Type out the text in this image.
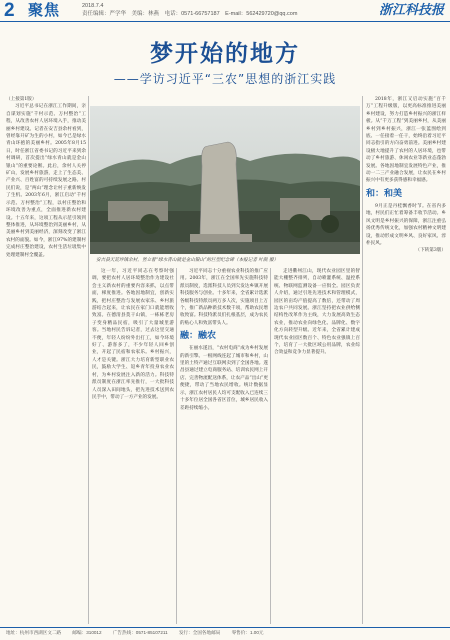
2 聚焦	2018.7.4
责任编辑：严学华 美编：林燕 电话：0571-66757187 E-mail：562429720@qq.com	浙江科技报
梦开始的地方
——学访习近平“三农”思想的浙江实践

（上接第1版）

习近平总书记在浙江工作期间，亲自谋划实施“千村示范、万村整治”工程，从改善农村人居环境入手，推动美丽乡村建设。记者在安吉县余村看到，曾经靠开矿为生的小村，如今已是绿水青山环抱的美丽乡村。2005年8月15日，时任浙江省委书记的习近平来到余村调研，首次提出“绿水青山就是金山银山”的重要论断。此后，余村人关停矿山，发展乡村旅游，走上了生态美、产业兴、百姓富的可持续发展之路。村民们说，是“两山”理念让村子重新焕发了生机。2003年6月，浙江启动“千村示范、万村整治”工程，以村庄整治和环境改善为重点，全面推进新农村建设。十五年来，这项工程从示范引领到整体推进，从环境整治到美丽乡村，从美丽乡村到美丽经济，深刻改变了浙江农村的面貌。如今，浙江97%的建制村完成村庄整治建设，农村生活垃圾集中处理建制村全覆盖。

安吉县天荒坪镇余村，竖立着“绿水青山就是金山银山”的巨型纪念碑（本报记者 叶凯 摄）

这一年，习近平同志在考察时强调，要把农村人居环境整治作为建设社会主义新农村的重要内容来抓，以点带面，梯度推进。各地因地制宜，创新实践，把村庄整治与发展农家乐、乡村旅游结合起来，让农民在家门口就能增收致富。在德清县莫干山镇，一栋栋老房子变身精品民宿，吸引了大量城里游客。当地村民告诉记者，过去这里交通不便，年轻人纷纷外出打工，如今环境好了、游客多了，不少年轻人回乡创业，开起了民宿和农家乐。乡村振兴，人才是关键。浙江大力培育新型职业农民，鼓励大学生、返乡青年投身农业农村，为乡村发展注入新的活力。科技特派员制度在浙江率先推行，一大批科技人员深入田间地头，把先进技术送到农民手中，带动了一方产业的发展。

习近平同志十分重视农业科技的推广应用。2003年，浙江在全国率先实施科技特派员制度，选派科技人员到欠发达乡镇开展科技服务与创业。十多年来，全省累计选派各级科技特派员两万多人次，实施项目上万个，推广新品种新技术数千项，帮助农民增收致富。科技特派员们扎根基层，成为农民的贴心人和致富带头人。

融：融农

在丽水遂昌，“农村电商”成为乡村发展的新引擎。一根网线连起了城市和乡村，山里的土特产通过互联网卖到了全国各地。遂昌县通过建立电商服务站、培训农民网上开店、完善物流配送体系，让农产品“出山”更便捷，带动了当地农民增收。统计数据显示，浙江农村居民人均可支配收入已连续三十多年位居全国各省区首位，城乡居民收入差距持续缩小。

走进衢州江山，现代农业园区里的智能大棚整齐排列，自动喷灌系统、温控系统、物联网监测设备一应俱全。园区负责人介绍，通过引进先进技术和管理模式，园区的亩均产值提高了数倍，还带动了周边农户共同发展。浙江坚持把农业供给侧结构性改革作为主线，大力发展高效生态农业，推动农业向绿色化、品牌化、数字化方向转型升级。近年来，全省累计建成现代农业园区数百个、特色农业强镇上百个，培育了一大批区域公用品牌，农业综合效益和竞争力显著提升。

2018年，浙江又启动实施“百千万”工程升级版，以更高标准推进美丽乡村建设，努力打造乡村振兴的浙江样板。从“千万工程”到美丽乡村，从美丽乡村到乡村振兴，浙江一张蓝图绘到底、一任接着一任干，始终沿着习近平同志指引的方向奋勇前进。美丽乡村建设极大地提升了农村的人居环境，也带动了乡村旅游、休闲农业等新业态蓬勃发展。各地因地制宜发展特色产业，推动一二三产业融合发展，让农民在乡村振兴中有更多获得感和幸福感。

和：和美

9月正是丹桂飘香时节。在省内多地，村民们正忙着筹备丰收节活动。乡风文明是乡村振兴的保障，浙江注重弘扬优秀传统文化，加强农村精神文明建设，推动形成文明乡风、良好家风、淳朴民风。

（下转第3版）

地址：杭州市西湖区文二路 邮编：310012 广告热线：0571-85107211 发行：全国各地邮局 零售价：1.00元
